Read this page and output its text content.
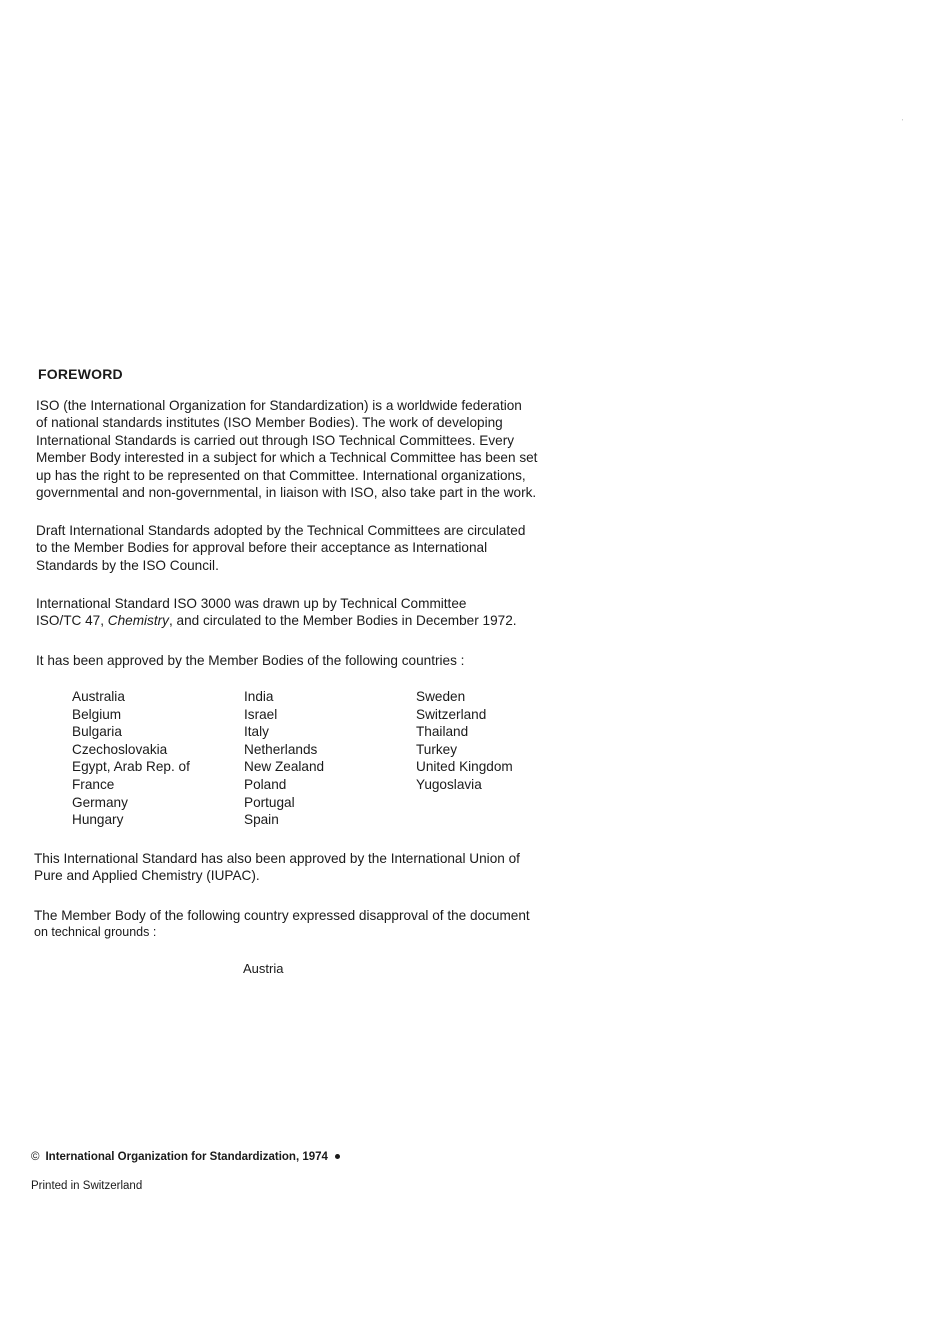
ʾ
FOREWORD
ISO (the International Organization for Standardization) is a worldwide federation
of national standards institutes (ISO Member Bodies). The work of developing
International Standards is carried out through ISO Technical Committees. Every
Member Body interested in a subject for which a Technical Committee has been set
up has the right to be represented on that Committee. International organizations,
governmental and non-governmental, in liaison with ISO, also take part in the work.
Draft International Standards adopted by the Technical Committees are circulated
to the Member Bodies for approval before their acceptance as International
Standards by the ISO Council.
International Standard ISO 3000 was drawn up by Technical Committee
ISO/TC 47, Chemistry, and circulated to the Member Bodies in December 1972.
It has been approved by the Member Bodies of the following countries :
Australia
Belgium
Bulgaria
Czechoslovakia
Egypt, Arab Rep. of
France
Germany
Hungary
India
Israel
Italy
Netherlands
New Zealand
Poland
Portugal
Spain
Sweden
Switzerland
Thailand
Turkey
United Kingdom
Yugoslavia
This International Standard has also been approved by the International Union of
Pure and Applied Chemistry (IUPAC).
The Member Body of the following country expressed disapproval of the document
on technical grounds :
Austria
© International Organization for Standardization, 1974
Printed in Switzerland
